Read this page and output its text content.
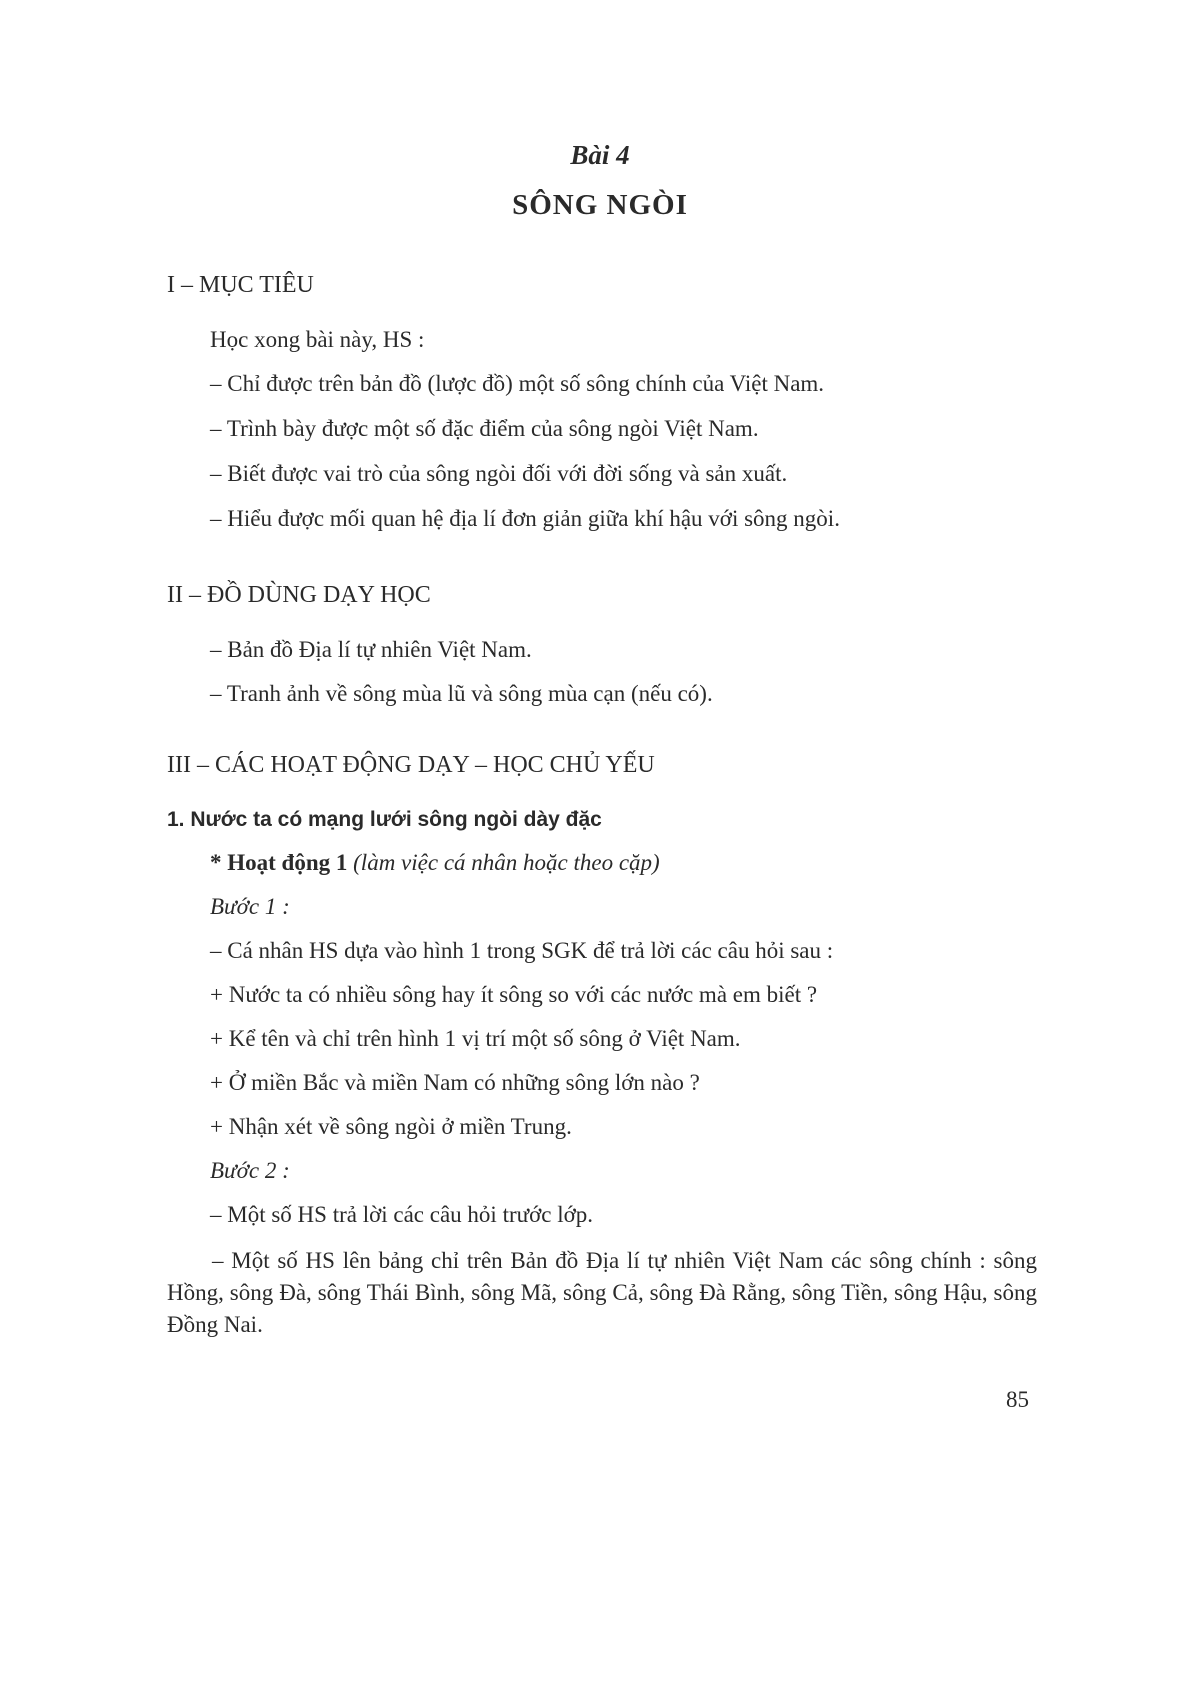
Bài 4
SÔNG NGÒI
I – MỤC TIÊU
Học xong bài này, HS :
– Chỉ được trên bản đồ (lược đồ) một số sông chính của Việt Nam.
– Trình bày được một số đặc điểm của sông ngòi Việt Nam.
– Biết được vai trò của sông ngòi đối với đời sống và sản xuất.
– Hiểu được mối quan hệ địa lí đơn giản giữa khí hậu với sông ngòi.
II – ĐỒ DÙNG DẠY HỌC
– Bản đồ Địa lí tự nhiên Việt Nam.
– Tranh ảnh về sông mùa lũ và sông mùa cạn (nếu có).
III – CÁC HOẠT ĐỘNG DẠY – HỌC CHỦ YẾU
1. Nước ta có mạng lưới sông ngòi dày đặc
* Hoạt động 1 (làm việc cá nhân hoặc theo cặp)
Bước 1 :
– Cá nhân HS dựa vào hình 1 trong SGK để trả lời các câu hỏi sau :
+ Nước ta có nhiều sông hay ít sông so với các nước mà em biết ?
+ Kể tên và chỉ trên hình 1 vị trí một số sông ở Việt Nam.
+ Ở miền Bắc và miền Nam có những sông lớn nào ?
+ Nhận xét về sông ngòi ở miền Trung.
Bước 2 :
– Một số HS trả lời các câu hỏi trước lớp.
– Một số HS lên bảng chỉ trên Bản đồ Địa lí tự nhiên Việt Nam các sông chính : sông Hồng, sông Đà, sông Thái Bình, sông Mã, sông Cả, sông Đà Rằng, sông Tiền, sông Hậu, sông Đồng Nai.
85
